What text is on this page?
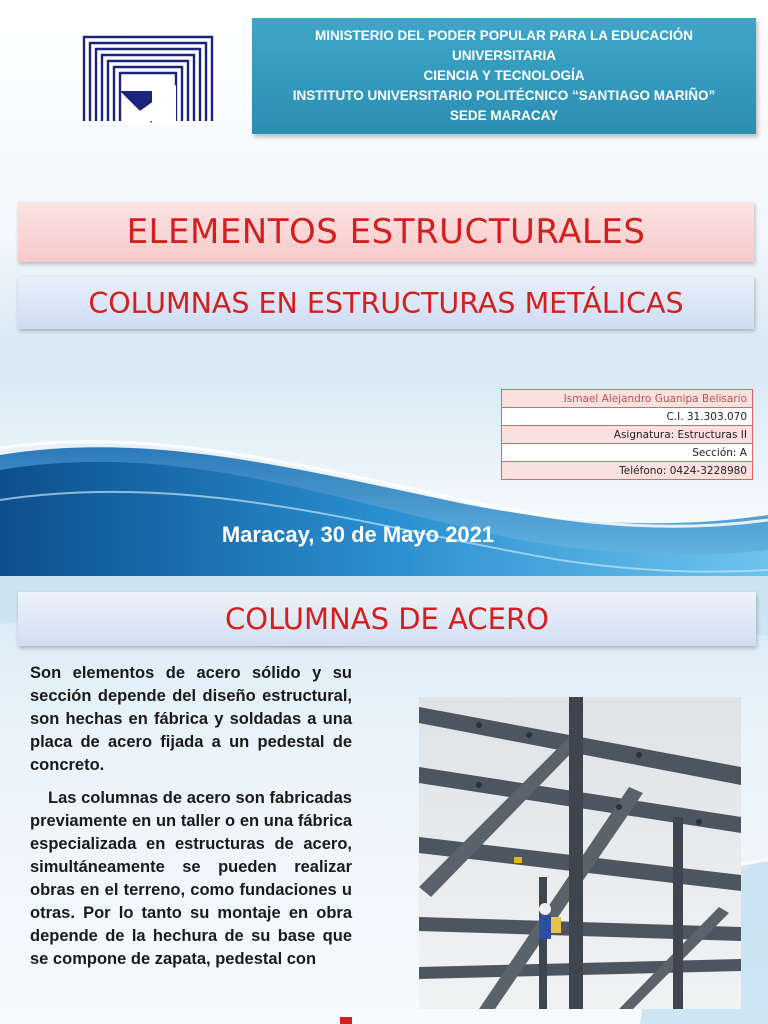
MINISTERIO DEL PODER POPULAR PARA LA EDUCACIÓN
UNIVERSITARIA
CIENCIA Y TECNOLOGÍA
INSTITUTO UNIVERSITARIO POLITÉCNICO “SANTIAGO MARIÑO”
SEDE MARACAY
ELEMENTOS ESTRUCTURALES
COLUMNAS EN ESTRUCTURAS METÁLICAS
Ismael Alejandro Guanipa Belisario
C.I. 31.303.070
Asignatura: Estructuras II
Sección: A
Teléfono: 0424-3228980
Maracay, 30 de Mayo 2021
COLUMNAS DE ACERO

Son elementos de acero sólido y su sección depende del diseño estructural, son hechas en fábrica y soldadas a una placa de acero fijada a un pedestal de concreto.

Las columnas de acero son fabricadas previamente en un taller o en una fábrica especializada en estructuras de acero, simultáneamente se pueden realizar obras en el terreno, como fundaciones u otras. Por lo tanto su montaje en obra depende de la hechura de su base que se compone de zapata, pedestal con
